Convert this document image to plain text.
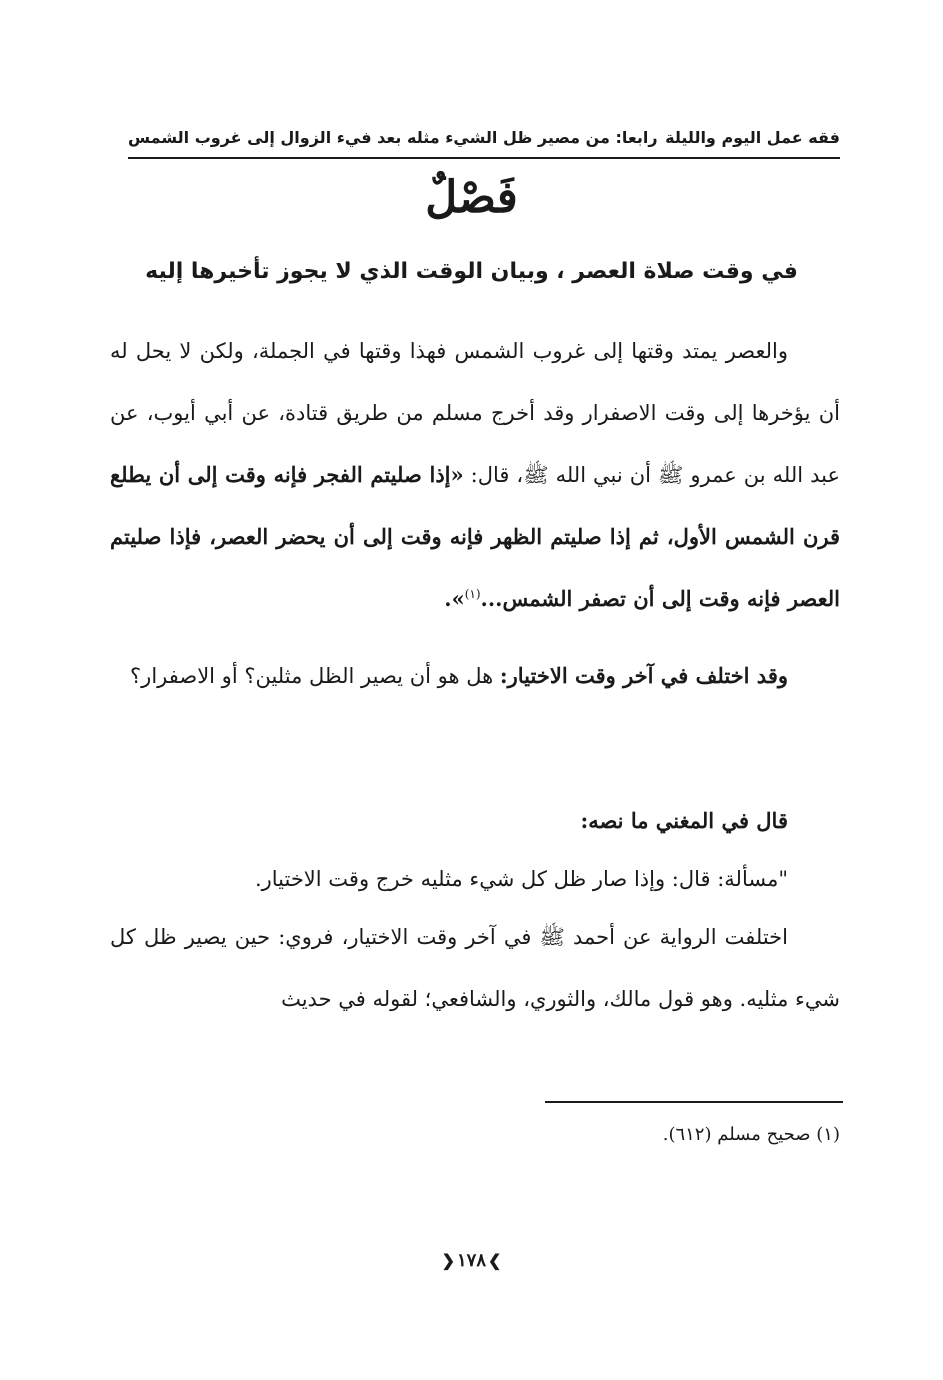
فقه عمل اليوم والليلة
رابعا: من مصير ظل الشيء مثله بعد فيء الزوال إلى غروب الشمس
فَصْلٌ
في وقت صلاة العصر ، وبيان الوقت الذي لا يجوز تأخيرها إليه

والعصر يمتد وقتها إلى غروب الشمس فهذا وقتها في الجملة، ولكن لا يحل له أن يؤخرها إلى وقت الاصفرار وقد أخرج مسلم من طريق قتادة، عن أبي أيوب، عن عبد الله بن عمرو ﷺ أن نبي الله ﷺ، قال: «إذا صليتم الفجر فإنه وقت إلى أن يطلع قرن الشمس الأول، ثم إذا صليتم الظهر فإنه وقت إلى أن يحضر العصر، فإذا صليتم العصر فإنه وقت إلى أن تصفر الشمس...$^{(١)}$».

وقد اختلف في آخر وقت الاختيار: هل هو أن يصير الظل مثلين؟ أو الاصفرار؟

قال في المغني ما نصه:

"مسألة: قال: وإذا صار ظل كل شيء مثليه خرج وقت الاختيار.

اختلفت الرواية عن أحمد ﷺ في آخر وقت الاختيار، فروي: حين يصير ظل كل شيء مثليه. وهو قول مالك، والثوري، والشافعي؛ لقوله في حديث

(١) صحيح مسلم (٦١٢).
❯١٧٨❮
